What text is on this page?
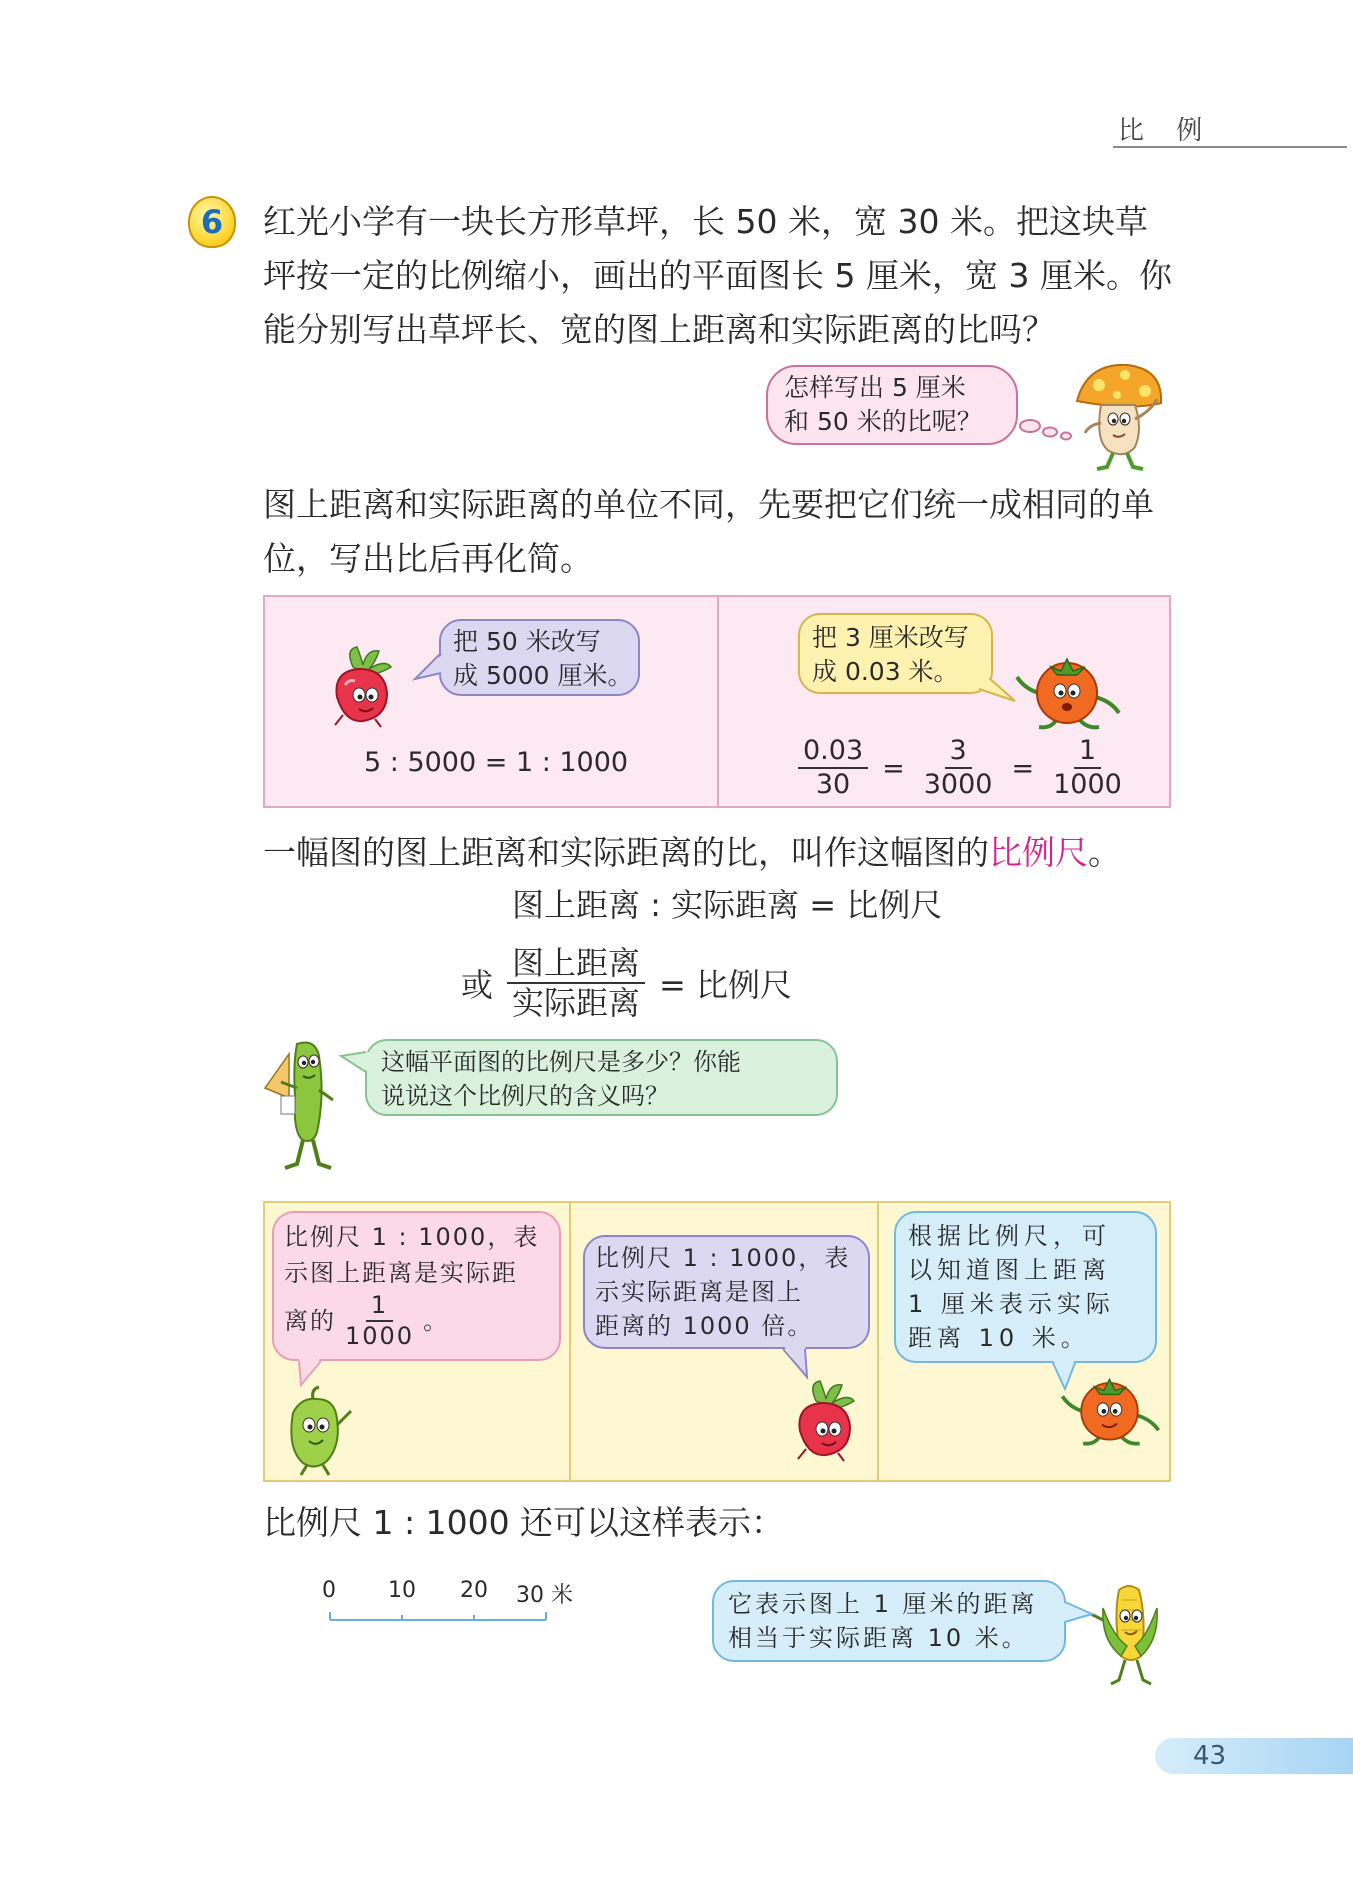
比 例
6	红光小学有一块长方形草坪，长 50 米，宽 30 米。把这块草
坪按一定的比例缩小，画出的平面图长 5 厘米，宽 3 厘米。你
能分别写出草坪长、宽的图上距离和实际距离的比吗？
怎样写出 5 厘米
和 50 米的比呢？
图上距离和实际距离的单位不同，先要把它们统一成相同的单
位，写出比后再化简。
把 50 米改写
成 5000 厘米。
5 : 5000 = 1 : 1000
把 3 厘米改写
成 0.03 米。
$\frac{0.03}{30} = \frac{3}{3000} = \frac{1}{1000}$
一幅图的图上距离和实际距离的比，叫作这幅图的比例尺。
图上距离 : 实际距离 = 比例尺
或 $\frac{\text{图上距离}}{\text{实际距离}}$ = 比例尺
这幅平面图的比例尺是多少？你能
说说这个比例尺的含义吗？
比例尺 1 : 1000，表
示图上距离是实际距
离的 $\frac{1}{1000}$ 。
比例尺 1 : 1000，表
示实际距离是图上
距离的 1000 倍。
根据比例尺，可
以知道图上距离
1 厘米表示实际
距离 10 米。
比例尺 1 : 1000 还可以这样表示：
0 10 20 30 米	它表示图上 1 厘米的距离
相当于实际距离 10 米。
43
